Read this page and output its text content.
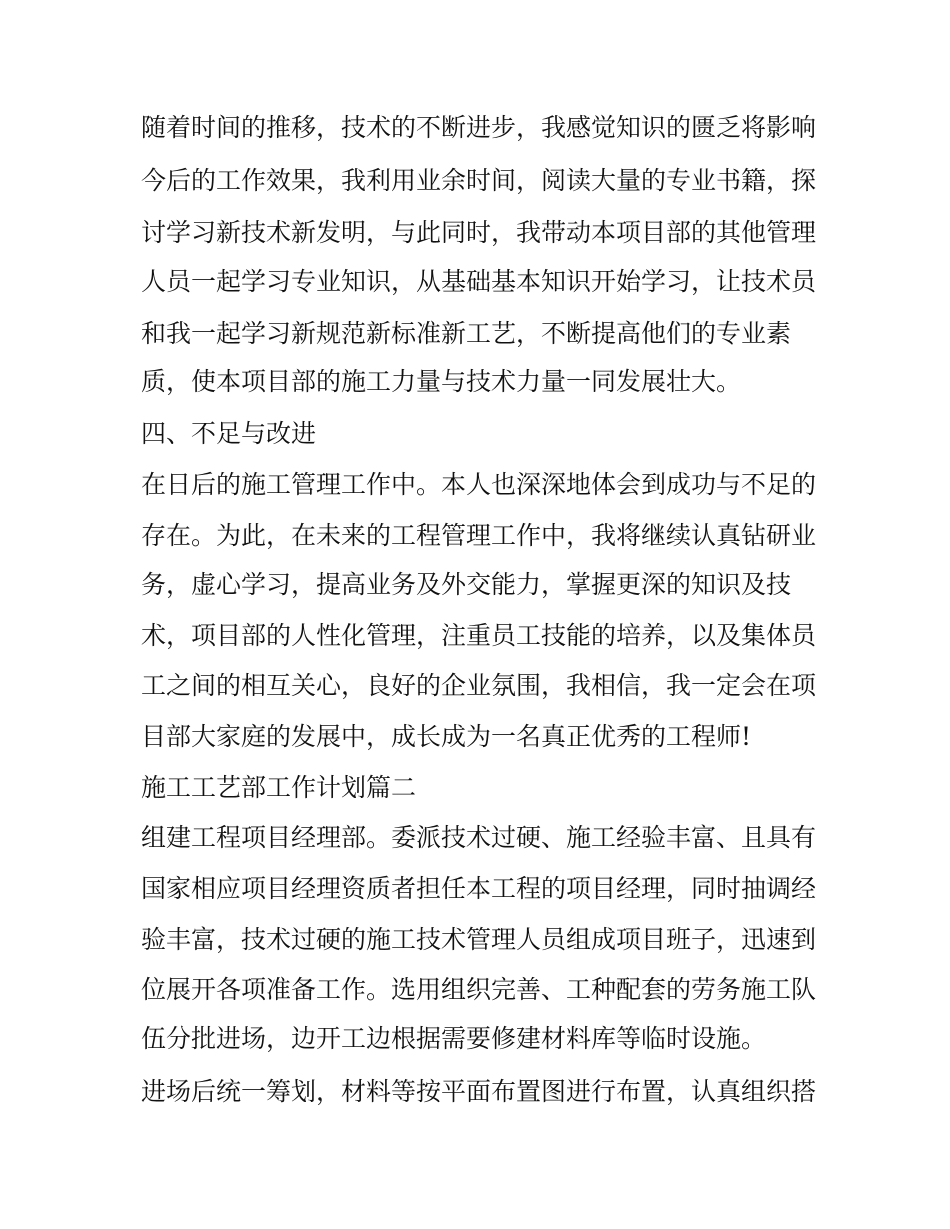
随着时间的推移，技术的不断进步，我感觉知识的匮乏将影响
今后的工作效果，我利用业余时间，阅读大量的专业书籍，探
讨学习新技术新发明，与此同时，我带动本项目部的其他管理
人员一起学习专业知识，从基础基本知识开始学习，让技术员
和我一起学习新规范新标准新工艺，不断提高他们的专业素
质，使本项目部的施工力量与技术力量一同发展壮大。
四、不足与改进
在日后的施工管理工作中。本人也深深地体会到成功与不足的
存在。为此，在未来的工程管理工作中，我将继续认真钻研业
务，虚心学习，提高业务及外交能力，掌握更深的知识及技
术，项目部的人性化管理，注重员工技能的培养，以及集体员
工之间的相互关心，良好的企业氛围，我相信，我一定会在项
目部大家庭的发展中，成长成为一名真正优秀的工程师!
施工工艺部工作计划篇二
组建工程项目经理部。委派技术过硬、施工经验丰富、且具有
国家相应项目经理资质者担任本工程的项目经理，同时抽调经
验丰富，技术过硬的施工技术管理人员组成项目班子，迅速到
位展开各项准备工作。选用组织完善、工种配套的劳务施工队
伍分批进场，边开工边根据需要修建材料库等临时设施。
进场后统一筹划，材料等按平面布置图进行布置，认真组织搭
